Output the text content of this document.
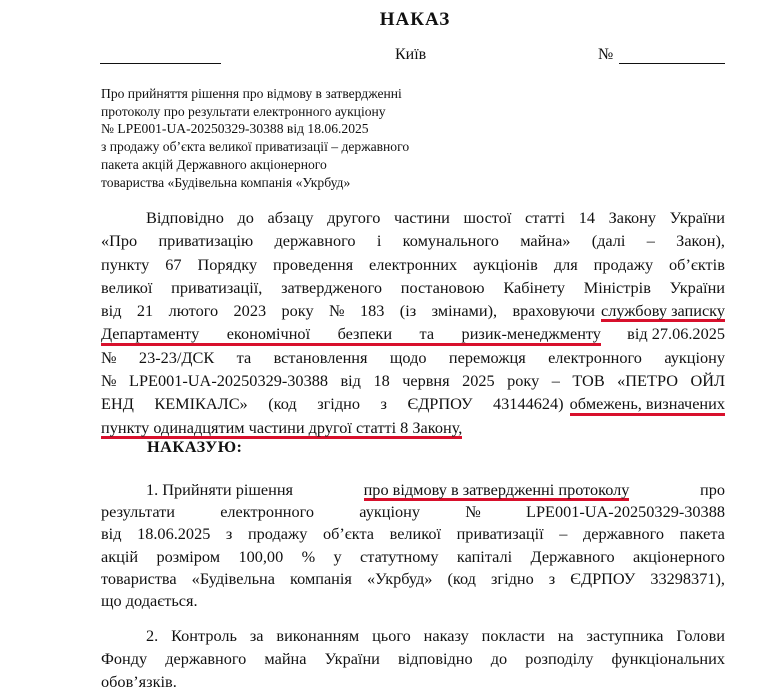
НАКАЗ
Київ	№
Про прийняття рішення про відмову в затвердженні
протоколу про результати електронного аукціону
№ LPE001-UA-20250329-30388 від 18.06.2025
з продажу об’єкта великої приватизації – державного
пакета акцій Державного акціонерного
товариства «Будівельна компанія «Укрбуд»
Відповідно до абзацу другого частини шостої статті 14 Закону України
«Про приватизацію державного і комунального майна» (далі – Закон),
пункту 67 Порядку проведення електронних аукціонів для продажу об’єктів
великої приватизації, затвердженого постановою Кабінету Міністрів України
від 21 лютого 2023 року № 183 (із змінами), враховуючи службову записку
Департаменту економічної безпеки та ризик-менеджменту від 27.06.2025
№ 23-23/ДСК та встановлення щодо переможця електронного аукціону
№ LPE001-UA-20250329-30388 від 18 червня 2025 року – ТОВ «ПЕТРО ОЙЛ
ЕНД КЕМІКАЛС» (код згідно з ЄДРПОУ 43144624) обмежень, визначених
пункту одинадцятим частини другої статті 8 Закону,
НАКАЗУЮ:
1. Прийняти рішення	про відмову в затвердженні протоколу	про
результати	електронного	аукціону	№	LPE001-UA-20250329-30388
від 18.06.2025 з продажу об’єкта великої приватизації – державного пакета
акцій розміром 100,00 % у статутному капіталі Державного акціонерного
товариства «Будівельна компанія «Укрбуд» (код згідно з ЄДРПОУ 33298371),
що додається.
2. Контроль за виконанням цього наказу покласти на заступника Голови
Фонду державного майна України відповідно до розподілу функціональних
обов’язків.
